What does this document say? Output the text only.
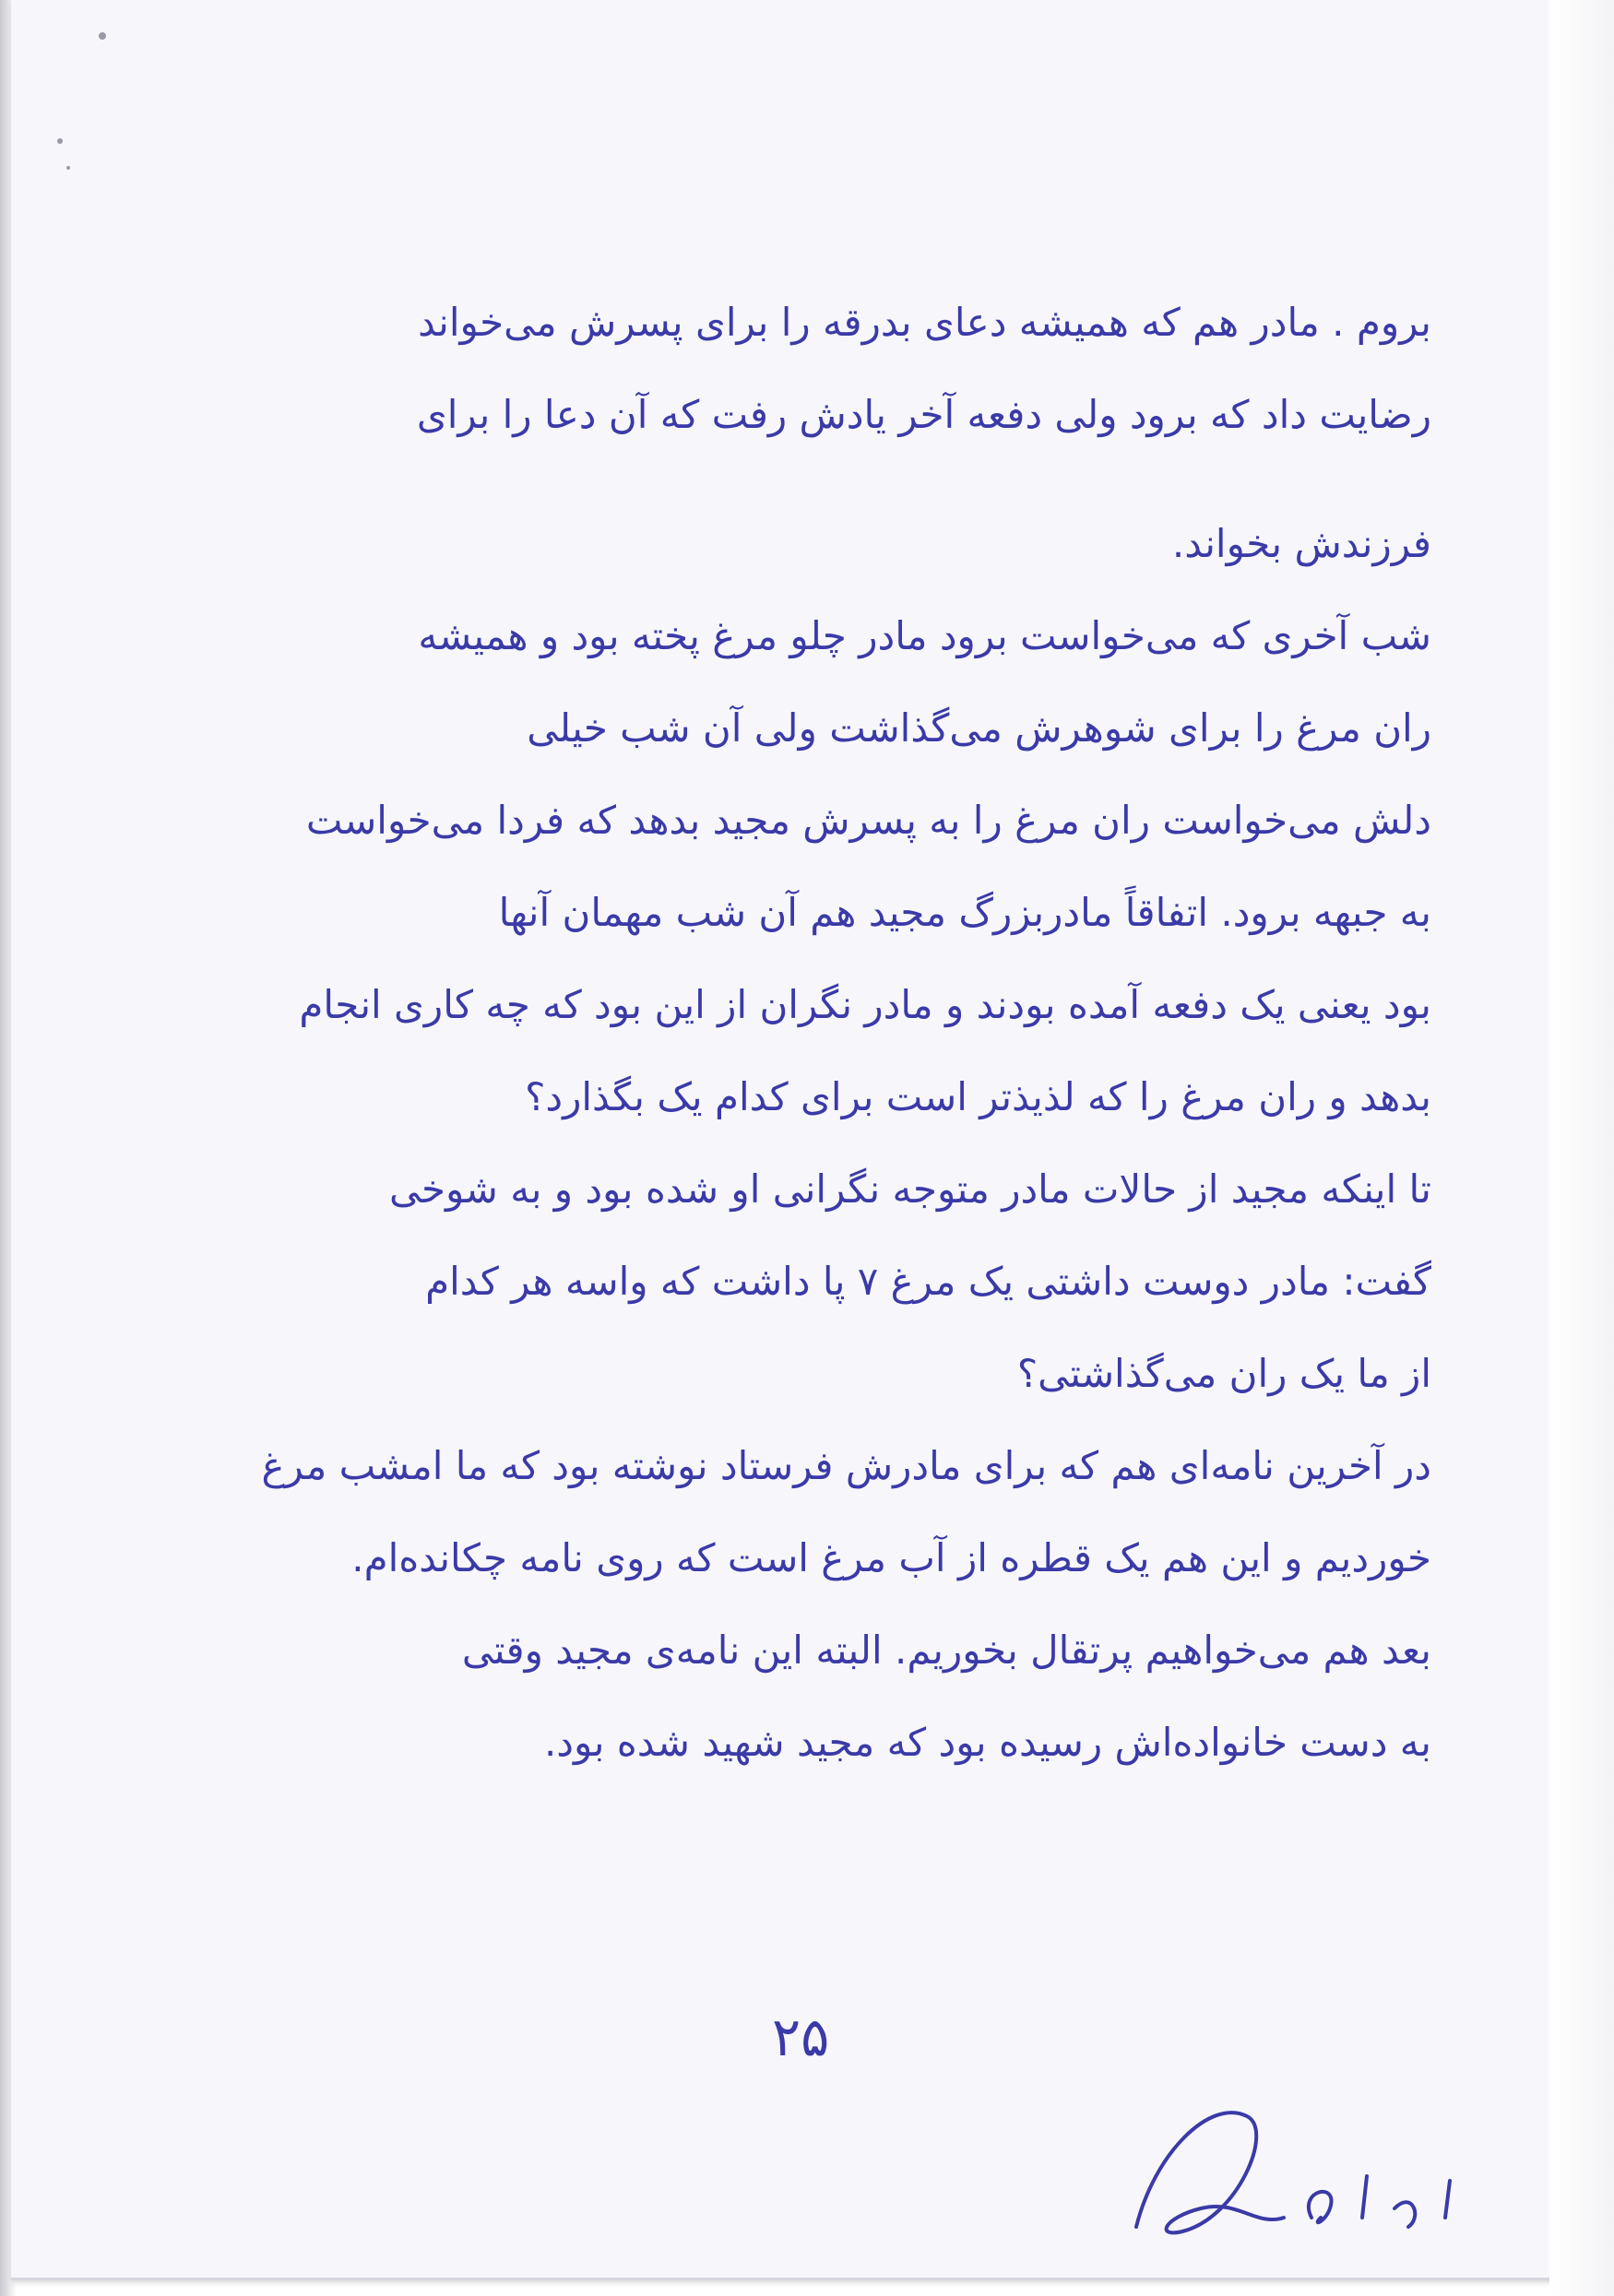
بروم . مادر هم که همیشه دعای بدرقه را برای پسرش می‌خواند
رضایت داد که برود ولی دفعه آخر یادش رفت که آن دعا را برای
فرزندش بخواند.
شب آخری که می‌خواست برود مادر چلو مرغ پخته بود و همیشه
ران مرغ را برای شوهرش می‌گذاشت ولی آن شب خیلی
دلش می‌خواست ران مرغ را به پسرش مجید بدهد که فردا می‌خواست
به جبهه برود. اتفاقاً مادربزرگ مجید هم آن شب مهمان آنها
بود یعنی یک دفعه آمده بودند و مادر نگران از این بود که چه کاری انجام
بدهد و ران مرغ را که لذیذتر است برای کدام یک بگذارد؟
تا اینکه مجید از حالات مادر متوجه نگرانی او شده بود و به شوخی
گفت: مادر دوست داشتی یک مرغ ۷ پا داشت که واسه هر کدام
از ما یک ران می‌گذاشتی؟
در آخرین نامه‌ای هم که برای مادرش فرستاد نوشته بود که ما امشب مرغ
خوردیم و این هم یک قطره از آب مرغ است که روی نامه چکانده‌ام.
بعد هم می‌خواهیم پرتقال بخوریم. البته این نامه‌ی مجید وقتی
به دست خانواده‌اش رسیده بود که مجید شهید شده بود.
۲۵
